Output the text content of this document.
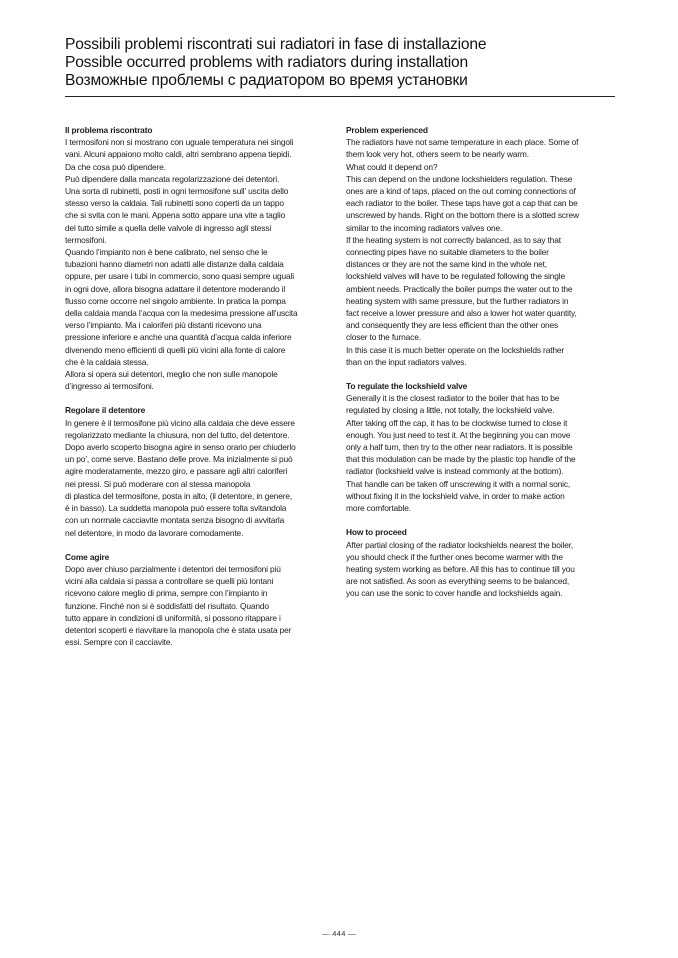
Possibili problemi riscontrati sui radiatori in fase di installazione
Possible occurred problems with radiators during installation
Возможные проблемы с радиатором во время установки
Il problema riscontrato

I termosifoni non si mostrano con uguale temperatura nei singoli
vani. Alcuni appaiono molto caldi, altri sembrano appena tiepidi.
Da che cosa può dipendere.
Può dipendere dalla mancata regolarizzazione dei detentori.
Una sorta di rubinetti, posti in ogni termosifone sull’ uscita dello
stesso verso la caldaia. Tali rubinetti sono coperti da un tappo
che si svita con le mani. Appena sotto appare una vite a taglio
del tutto simile a quella delle valvole di ingresso agli stessi
termosifoni.
Quando l’impianto non è bene calibrato, nel senso che le
tubazioni hanno diametri non adatti alle distanze dalla caldaia
oppure, per usare i tubi in commercio, sono quasi sempre uguali
in ogni dove, allora bisogna adattare il detentore moderando il
flusso come occorre nel singolo ambiente. In pratica la pompa
della caldaia manda l’acqua con la medesima pressione all’uscita
verso l’impianto. Ma i caloriferi più distanti ricevono una
pressione inferiore e anche una quantità d’acqua calda inferiore
divenendo meno efficienti di quelli più vicini alla fonte di calore
che è la caldaia stessa.
Allora si opera sui detentori, meglio che non sulle manopole
d’ingresso ai termosifoni.

Regolare il detentore

In genere è il termosifone più vicino alla caldaia che deve essere
regolarizzato mediante la chiusura, non del tutto, del detentore.
Dopo averlo scoperto bisogna agire in senso orario per chiuderlo
un po’, come serve. Bastano delle prove. Ma inizialmente si può
agire moderatamente, mezzo giro, e passare agli altri caloriferi
nei pressi. Si può moderare con al stessa manopola
di plastica del termosifone, posta in alto, (il detentore, in genere,
è in basso). La suddetta manopola può essere tolta svitandola
con un normale cacciavite montata senza bisogno di avvitarla
nel detentore, in modo da lavorare comodamente.

Come agire

Dopo aver chiuso parzialmente i detentori dei termosifoni più
vicini alla caldaia si passa a controllare se quelli più lontani
ricevono calore meglio di prima, sempre con l’impianto in
funzione. Finché non si è soddisfatti del risultato. Quando
tutto appare in condizioni di uniformità, si possono ritappare i
detentori scoperti e riavvitare la manopola che è stata usata per
essi. Sempre con il cacciavite.

Problem experienced

The radiators have not same temperature in each place. Some of
them look very hot, others seem to be nearly warm.
What could it depend on?
This can depend on the undone lockshielders regulation. These
ones are a kind of taps, placed on the out coming connections of
each radiator to the boiler. These taps have got a cap that can be
unscrewed by hands. Right on the bottom there is a slotted screw
similar to the incoming radiators valves one.
If the heating system is not correctly balanced, as to say that
connecting pipes have no suitable diameters to the boiler
distances or they are not the same kind in the whole net,
lockshield valves will have to be regulated following the single
ambient needs. Practically the boiler pumps the water out to the
heating system with same pressure, but the further radiators in
fact receive a lower pressure and also a lower hot water quantity,
and consequently they are less efficient than the other ones
closer to the furnace.
In this case it is much better operate on the lockshields rather
than on the input radiators valves.

To regulate the lockshield valve

Generally it is the closest radiator to the boiler that has to be
regulated by closing a little, not totally, the lockshield valve.
After taking off the cap, it has to be clockwise turned to close it
enough. You just need to test it. At the beginning you can move
only a half turn, then try to the other near radiators. It is possible
that this modulation can be made by the plastic top handle of the
radiator (lockshield valve is instead commonly at the bottom).
That handle can be taken off unscrewing it with a normal sonic,
without fixing it in the lockshield valve, in order to make action
more comfortable.

How to proceed

After partial closing of the radiator lockshields nearest the boiler,
you should check if the further ones become warmer with the
heating system working as before. All this has to continue till you
are not satisfied. As soon as everything seems to be balanced,
you can use the sonic to cover handle and lockshields again.

— 444 —
